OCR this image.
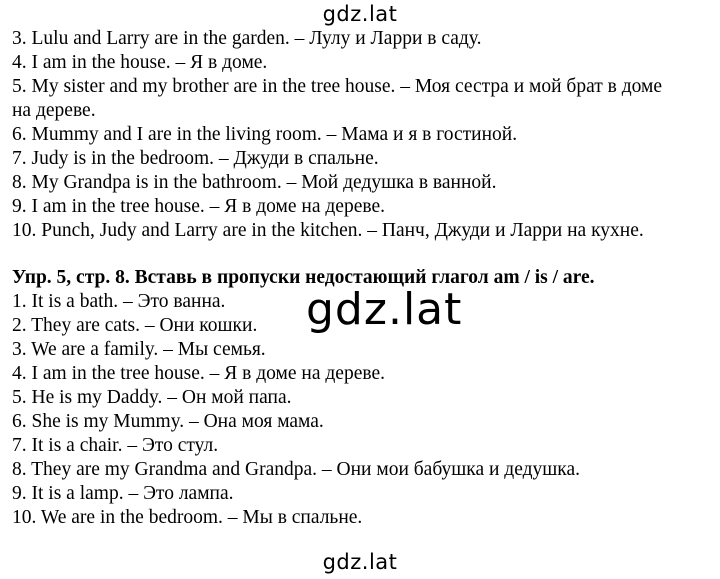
gdz.lat
3. Lulu and Larry are in the garden. – Лулу и Ларри в саду.
4. I am in the house. – Я в доме.
5. My sister and my brother are in the tree house. – Моя сестра и мой брат в доме
на дереве.
6. Mummy and I are in the living room. – Мама и я в гостиной.
7. Judy is in the bedroom. – Джуди в спальне.
8. My Grandpa is in the bathroom. – Мой дедушка в ванной.
9. I am in the tree house. – Я в доме на дереве.
10. Punch, Judy and Larry are in the kitchen. – Панч, Джуди и Ларри на кухне.
Упр. 5, стр. 8. Вставь в пропуски недостающий глагол am / is / are.
1. It is a bath. – Это ванна.
2. They are cats. – Они кошки.
3. We are a family. – Мы семья.
4. I am in the tree house. – Я в доме на дереве.
5. He is my Daddy. – Он мой папа.
6. She is my Mummy. – Она моя мама.
7. It is a chair. – Это стул.
8. They are my Grandma and Grandpa. – Они мои бабушка и дедушка.
9. It is a lamp. – Это лампа.
10. We are in the bedroom. – Мы в спальне.
gdz.lat
gdz.lat
